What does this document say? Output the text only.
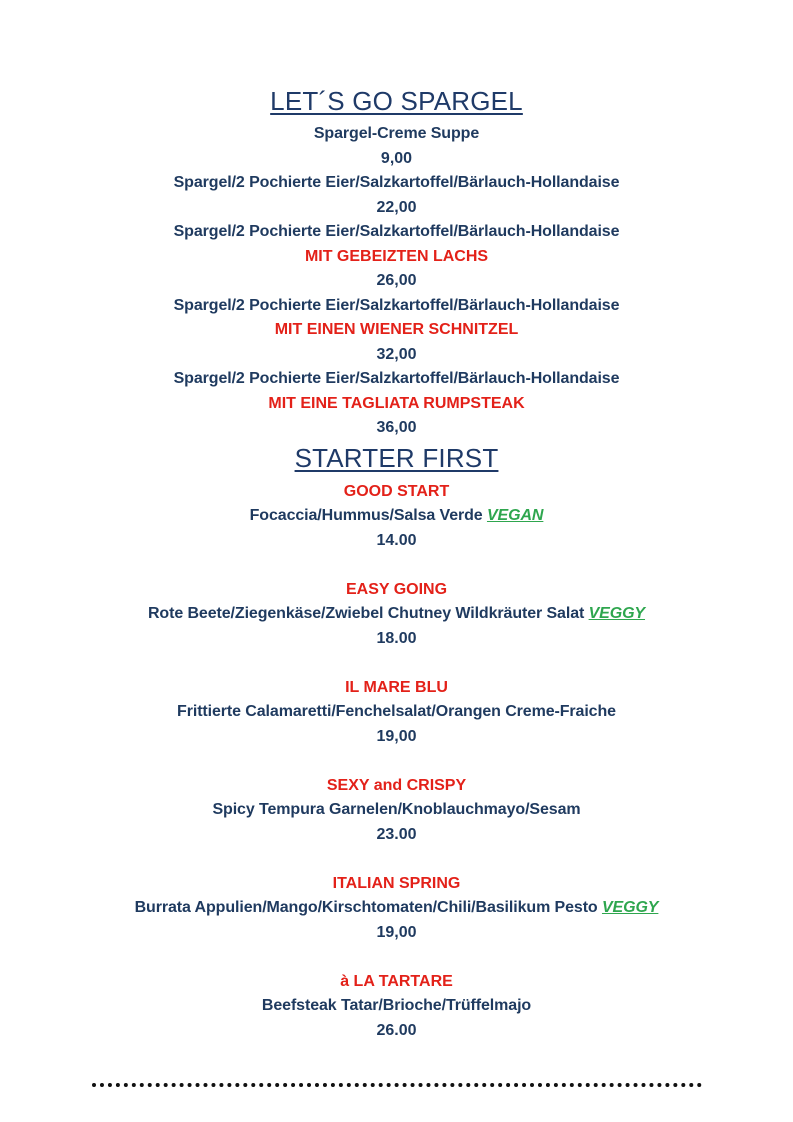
LET´S GO SPARGEL
Spargel-Creme Suppe
9,00
Spargel/2 Pochierte Eier/Salzkartoffel/Bärlauch-Hollandaise
22,00
Spargel/2 Pochierte Eier/Salzkartoffel/Bärlauch-Hollandaise
MIT GEBEIZTEN LACHS
26,00
Spargel/2 Pochierte Eier/Salzkartoffel/Bärlauch-Hollandaise
MIT EINEN WIENER SCHNITZEL
32,00
Spargel/2 Pochierte Eier/Salzkartoffel/Bärlauch-Hollandaise
MIT EINE TAGLIATA RUMPSTEAK
36,00
STARTER FIRST
GOOD START
Focaccia/Hummus/Salsa Verde VEGAN
14.00
EASY GOING
Rote Beete/Ziegenkäse/Zwiebel Chutney Wildkräuter Salat VEGGY
18.00
IL MARE BLU
Frittierte Calamaretti/Fenchelsalat/Orangen Creme-Fraiche
19,00
SEXY and CRISPY
Spicy Tempura Garnelen/Knoblauchmayo/Sesam
23.00
ITALIAN SPRING
Burrata Appulien/Mango/Kirschtomaten/Chili/Basilikum Pesto VEGGY
19,00
à LA TARTARE
Beefsteak Tatar/Brioche/Trüffelmajo
26.00
